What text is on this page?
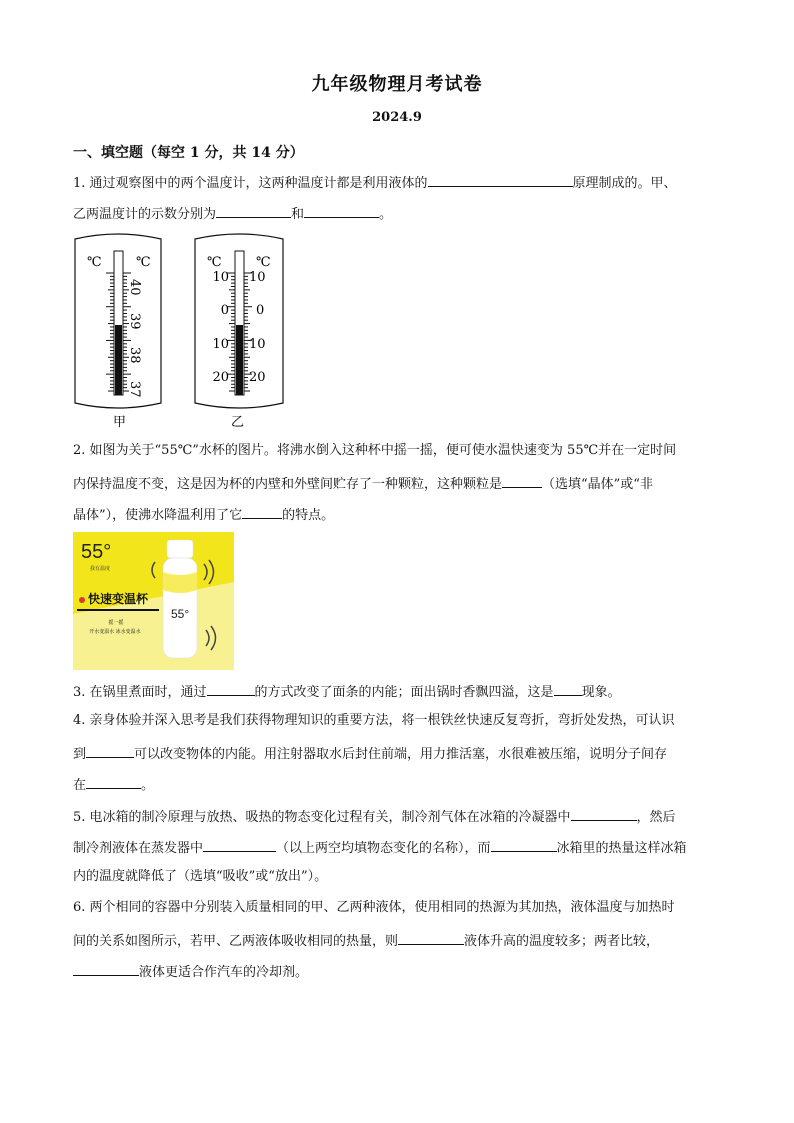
九年级物理月考试卷
2024.9
一、填空题（每空 1 分，共 14 分）
1. 通过观察图中的两个温度计，这两种温度计都是利用液体的	原理制成的。甲、
乙两温度计的示数分别为	和	。
℃	℃
40
39
38
37
甲
℃	℃
10
0
10
20
10
0
10
20
乙
2. 如图为关于“55℃”水杯的图片。将沸水倒入这种杯中摇一摇，便可使水温快速变为 55℃并在一定时间
内保持温度不变，这是因为杯的内壁和外壁间贮存了一种颗粒，这种颗粒是	（选填“晶体”或“非
晶体”），使沸水降温利用了它	的特点。
55°
我有温度
快速变温杯
摇一摇
开水变温水 冰水变温水
55°
3. 在锅里煮面时，通过	的方式改变了面条的内能；面出锅时香飘四溢，这是 现象。
4. 亲身体验并深入思考是我们获得物理知识的重要方法，将一根铁丝快速反复弯折，弯折处发热，可认识
到	可以改变物体的内能。用注射器取水后封住前端，用力推活塞，水很难被压缩，说明分子间存
在	。
5. 电冰箱的制冷原理与放热、吸热的物态变化过程有关，制冷剂气体在冰箱的冷凝器中	，然后
制冷剂液体在蒸发器中	（以上两空均填物态变化的名称），而	冰箱里的热量这样冰箱
内的温度就降低了（选填“吸收”或“放出”）。
6. 两个相同的容器中分别装入质量相同的甲、乙两种液体，使用相同的热源为其加热，液体温度与加热时
间的关系如图所示，若甲、乙两液体吸收相同的热量，则	液体升高的温度较多；两者比较，
液体更适合作汽车的冷却剂。
